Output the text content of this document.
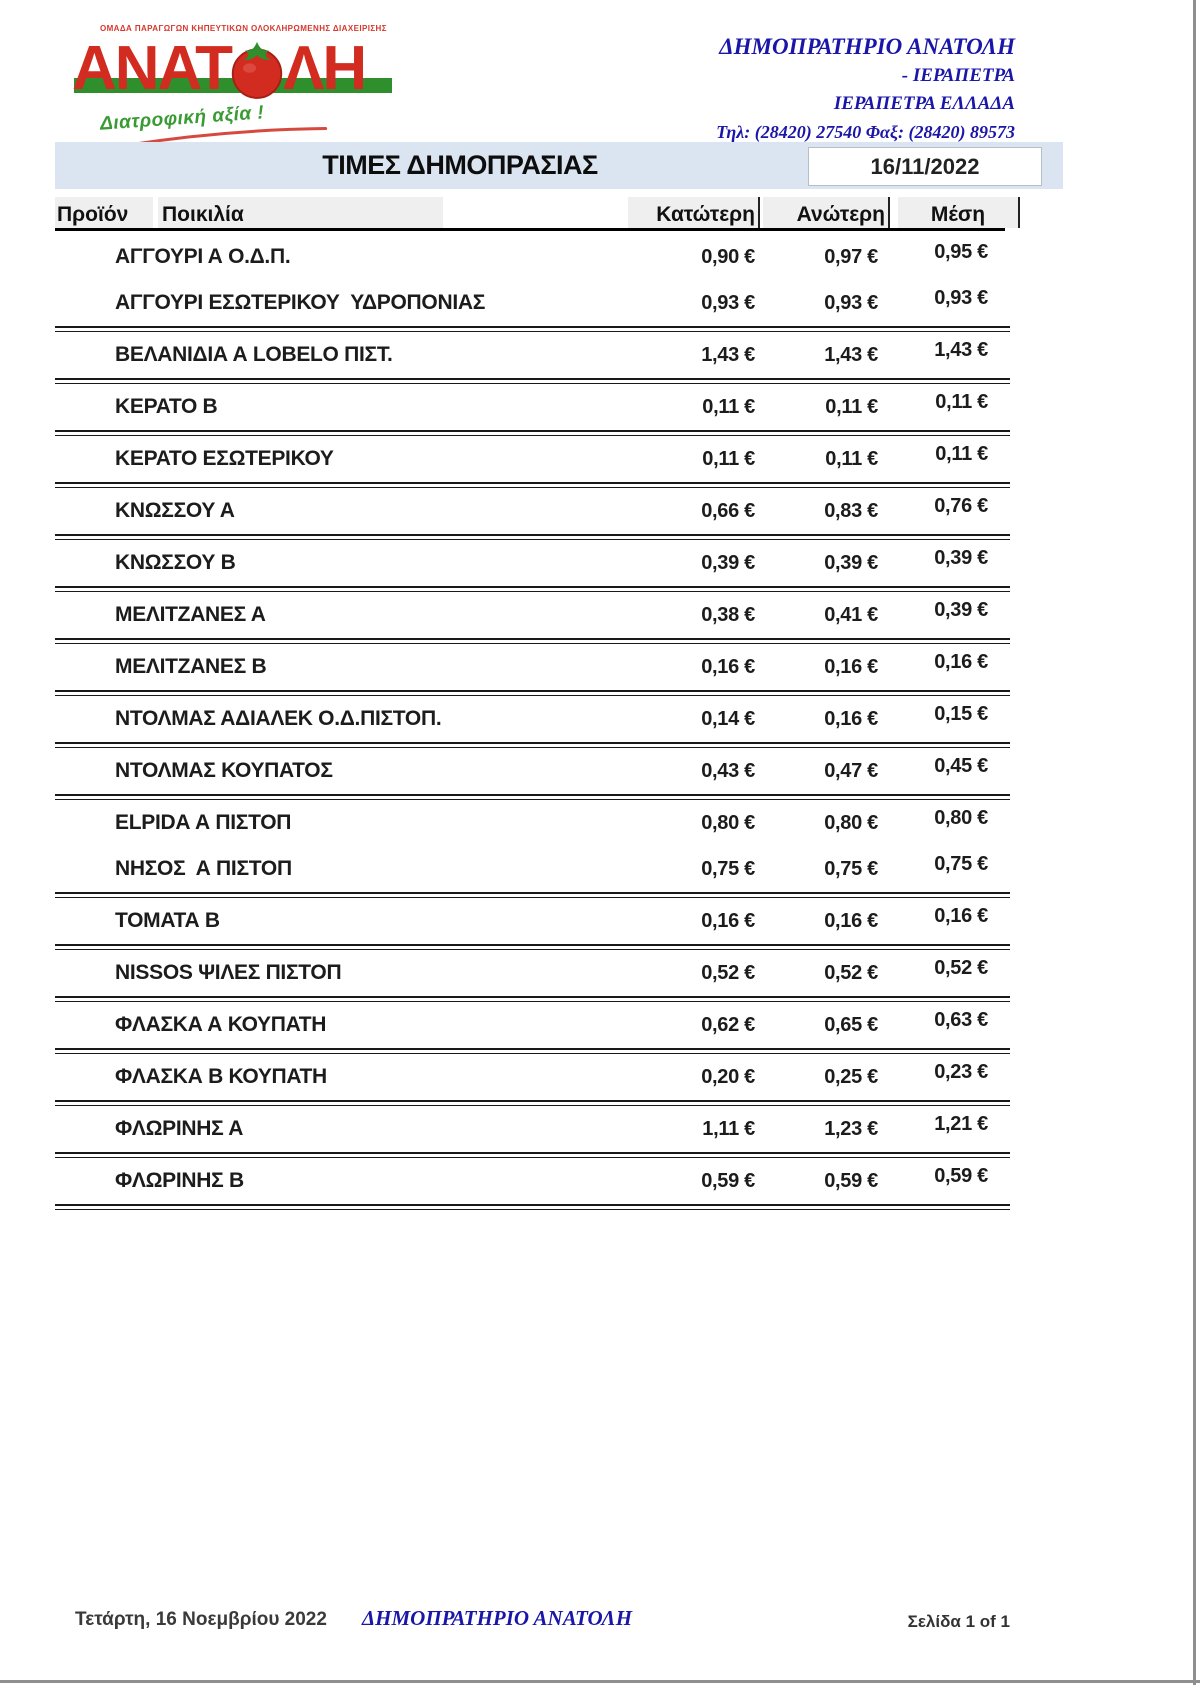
ΟΜΑΔΑ ΠΑΡΑΓΩΓΩΝ ΚΗΠΕΥΤΙΚΩΝ ΟΛΟΚΛΗΡΩΜΕΝΗΣ ΔΙΑΧΕΙΡΙΣΗΣ
ΑΝΑΤ ΛΗ
Διατροφική αξία !
ΔΗΜΟΠΡΑΤΗΡΙΟ ΑΝΑΤΟΛΗ
- ΙΕΡΑΠΕΤΡΑ
ΙΕΡΑΠΕΤΡΑ ΕΛΛΑΔΑ
Τηλ: (28420) 27540 Φαξ: (28420) 89573
ΤΙΜΕΣ ΔΗΜΟΠΡΑΣΙΑΣ	16/11/2022
Προϊόν	Ποικιλία	Κατώτερη	Ανώτερη	Μέση
ΑΓΓΟΥΡΙ Α Ο.Δ.Π.	0,90 €	0,97 €	0,95 €
ΑΓΓΟΥΡΙ ΕΣΩΤΕΡΙΚΟΥ  ΥΔΡΟΠΟΝΙΑΣ	0,93 €	0,93 €	0,93 €
ΒΕΛΑΝΙΔΙΑ Α LOBELO ΠΙΣΤ.	1,43 €	1,43 €	1,43 €
ΚΕΡΑΤΟ Β	0,11 €	0,11 €	0,11 €
ΚΕΡΑΤΟ ΕΣΩΤΕΡΙΚΟΥ	0,11 €	0,11 €	0,11 €
ΚΝΩΣΣΟΥ Α	0,66 €	0,83 €	0,76 €
ΚΝΩΣΣΟΥ Β	0,39 €	0,39 €	0,39 €
ΜΕΛΙΤΖΑΝΕΣ Α	0,38 €	0,41 €	0,39 €
ΜΕΛΙΤΖΑΝΕΣ Β	0,16 €	0,16 €	0,16 €
ΝΤΟΛΜΑΣ ΑΔΙΑΛΕΚ Ο.Δ.ΠΙΣΤΟΠ.	0,14 €	0,16 €	0,15 €
ΝΤΟΛΜΑΣ ΚΟΥΠΑΤΟΣ	0,43 €	0,47 €	0,45 €
ELPIDA Α ΠΙΣΤΟΠ	0,80 €	0,80 €	0,80 €
ΝΗΣΟΣ  Α ΠΙΣΤΟΠ	0,75 €	0,75 €	0,75 €
ΤΟΜΑΤΑ Β	0,16 €	0,16 €	0,16 €
NISSOS ΨΙΛΕΣ ΠΙΣΤΟΠ	0,52 €	0,52 €	0,52 €
ΦΛΑΣΚΑ Α ΚΟΥΠΑΤΗ	0,62 €	0,65 €	0,63 €
ΦΛΑΣΚΑ Β ΚΟΥΠΑΤΗ	0,20 €	0,25 €	0,23 €
ΦΛΩΡΙΝΗΣ Α	1,11 €	1,23 €	1,21 €
ΦΛΩΡΙΝΗΣ Β	0,59 €	0,59 €	0,59 €
Τετάρτη, 16 Νοεμβρίου 2022 ΔΗΜΟΠΡΑΤΗΡΙΟ ΑΝΑΤΟΛΗ	Σελίδα 1 of 1
